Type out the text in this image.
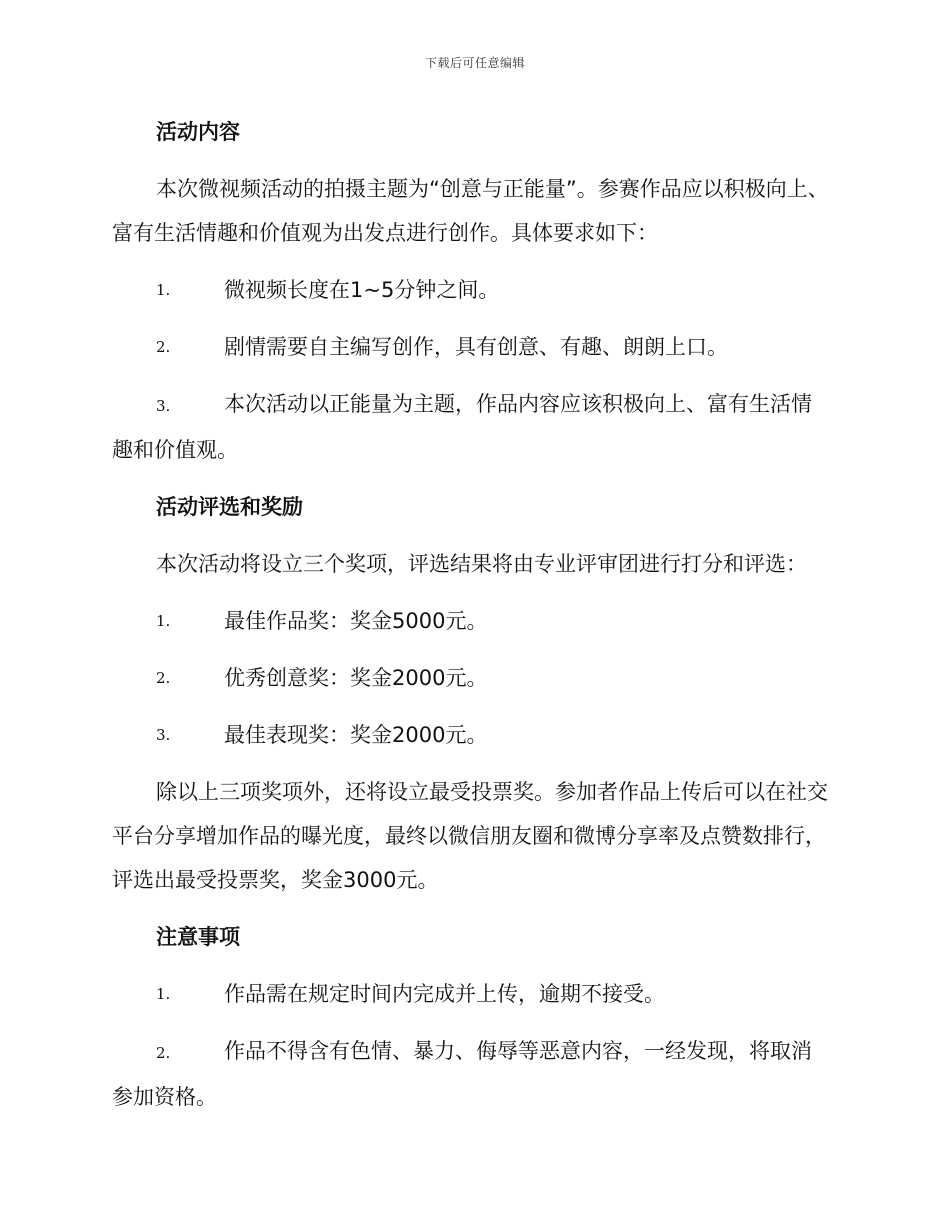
下载后可任意编辑
活动内容
本次微视频活动的拍摄主题为“创意与正能量”。参赛作品应以积极向上、富有生活情趣和价值观为出发点进行创作。具体要求如下：
1.	微视频长度在1~5分钟之间。
2.	剧情需要自主编写创作，具有创意、有趣、朗朗上口。
3.	本次活动以正能量为主题，作品内容应该积极向上、富有生活情趣和价值观。
活动评选和奖励
本次活动将设立三个奖项，评选结果将由专业评审团进行打分和评选：
1.	最佳作品奖：奖金5000元。
2.	优秀创意奖：奖金2000元。
3.	最佳表现奖：奖金2000元。
除以上三项奖项外，还将设立最受投票奖。参加者作品上传后可以在社交平台分享增加作品的曝光度，最终以微信朋友圈和微博分享率及点赞数排行，评选出最受投票奖，奖金3000元。
注意事项
1.	作品需在规定时间内完成并上传，逾期不接受。
2.	作品不得含有色情、暴力、侮辱等恶意内容，一经发现，将取消参加资格。
